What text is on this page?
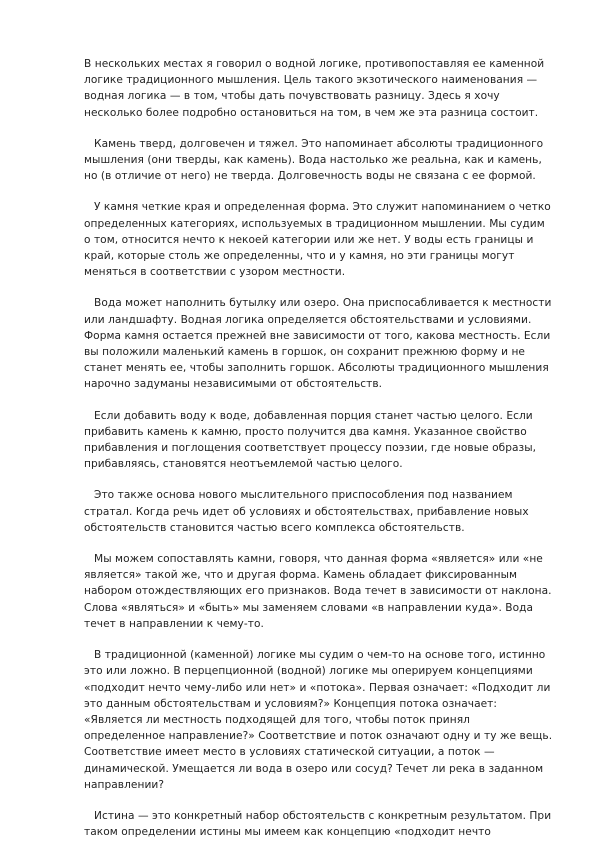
В нескольких местах я говорил о водной логике, противопоставляя ее каменной логике традиционного мышления. Цель такого экзотического наименования — водная логика — в том, чтобы дать почувствовать разницу. Здесь я хочу несколько более подробно остановиться на том, в чем же эта разница состоит.

Камень тверд, долговечен и тяжел. Это напоминает абсолюты традиционного мышления (они тверды, как камень). Вода настолько же реальна, как и камень, но (в отличие от него) не тверда. Долговечность воды не связана с ее формой.

У камня четкие края и определенная форма. Это служит напоминанием о четко определенных категориях, используемых в традиционном мышлении. Мы судим о том, относится нечто к некоей категории или же нет. У воды есть границы и край, которые столь же определенны, что и у камня, но эти границы могут меняться в соответствии с узором местности.

Вода может наполнить бутылку или озеро. Она приспосабливается к местности или ландшафту. Водная логика определяется обстоятельствами и условиями. Форма камня остается прежней вне зависимости от того, какова местность. Если вы положили маленький камень в горшок, он сохранит прежнюю форму и не станет менять ее, чтобы заполнить горшок. Абсолюты традиционного мышления нарочно задуманы независимыми от обстоятельств.

Если добавить воду к воде, добавленная порция станет частью целого. Если прибавить камень к камню, просто получится два камня. Указанное свойство прибавления и поглощения соответствует процессу поэзии, где новые образы, прибавляясь, становятся неотъемлемой частью целого.

Это также основа нового мыслительного приспособления под названием стратал. Когда речь идет об условиях и обстоятельствах, прибавление новых обстоятельств становится частью всего комплекса обстоятельств.

Мы можем сопоставлять камни, говоря, что данная форма «является» или «не является» такой же, что и другая форма. Камень обладает фиксированным набором отождествляющих его признаков. Вода течет в зависимости от наклона. Слова «являться» и «быть» мы заменяем словами «в направлении куда». Вода течет в направлении к чему-то.

В традиционной (каменной) логике мы судим о чем-то на основе того, истинно это или ложно. В перцепционной (водной) логике мы оперируем концепциями «подходит нечто чему-либо или нет» и «потока». Первая означает: «Подходит ли это данным обстоятельствам и условиям?» Концепция потока означает: «Является ли местность подходящей для того, чтобы поток принял определенное направление?» Соответствие и поток означают одну и ту же вещь. Соответствие имеет место в условиях статической ситуации, а поток — динамической. Умещается ли вода в озеро или сосуд? Течет ли река в заданном направлении?

Истина — это конкретный набор обстоятельств с конкретным результатом. При таком определении истины мы имеем как концепцию «подходит нечто
